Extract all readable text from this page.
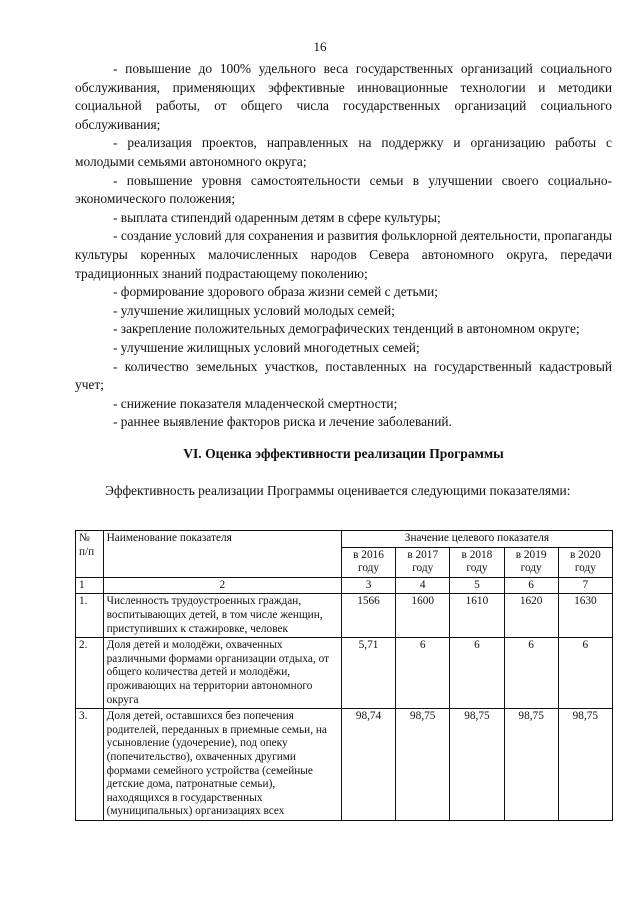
16

- повышение до 100% удельного веса государственных организаций социального обслуживания, применяющих эффективные инновационные технологии и методики социальной работы, от общего числа государственных организаций социального обслуживания;

- реализация проектов, направленных на поддержку и организацию работы с молодыми семьями автономного округа;

- повышение уровня самостоятельности семьи в улучшении своего социально-экономического положения;

- выплата стипендий одаренным детям в сфере культуры;

- создание условий для сохранения и развития фольклорной деятельности, пропаганды культуры коренных малочисленных народов Севера автономного округа, передачи традиционных знаний подрастающему поколению;

- формирование здорового образа жизни семей с детьми;

- улучшение жилищных условий молодых семей;

- закрепление положительных демографических тенденций в автономном округе;

- улучшение жилищных условий многодетных семей;

- количество земельных участков, поставленных на государственный кадастровый учет;

- снижение показателя младенческой смертности;

- раннее выявление факторов риска и лечение заболеваний.

VI. Оценка эффективности реализации Программы

Эффективность реализации Программы оценивается следующими показателями:

№ п/п	Наименование показателя	Значение целевого показателя				
		в 2016 году	в 2017 году	в 2018 году	в 2019 году	в 2020 году
1	2	3	4	5	6	7
1.	Численность трудоустроенных граждан, воспитывающих детей, в том числе женщин, приступивших к стажировке, человек	1566	1600	1610	1620	1630
2.	Доля детей и молодёжи, охваченных различными формами организации отдыха, от общего количества детей и молодёжи, проживающих на территории автономного округа	5,71	6	6	6	6
3.	Доля детей, оставшихся без попечения родителей, переданных в приемные семьи, на усыновление (удочерение), под опеку (попечительство), охваченных другими формами семейного устройства (семейные детские дома, патронатные семьи), находящихся в государственных (муниципальных) организациях всех	98,74	98,75	98,75	98,75	98,75
